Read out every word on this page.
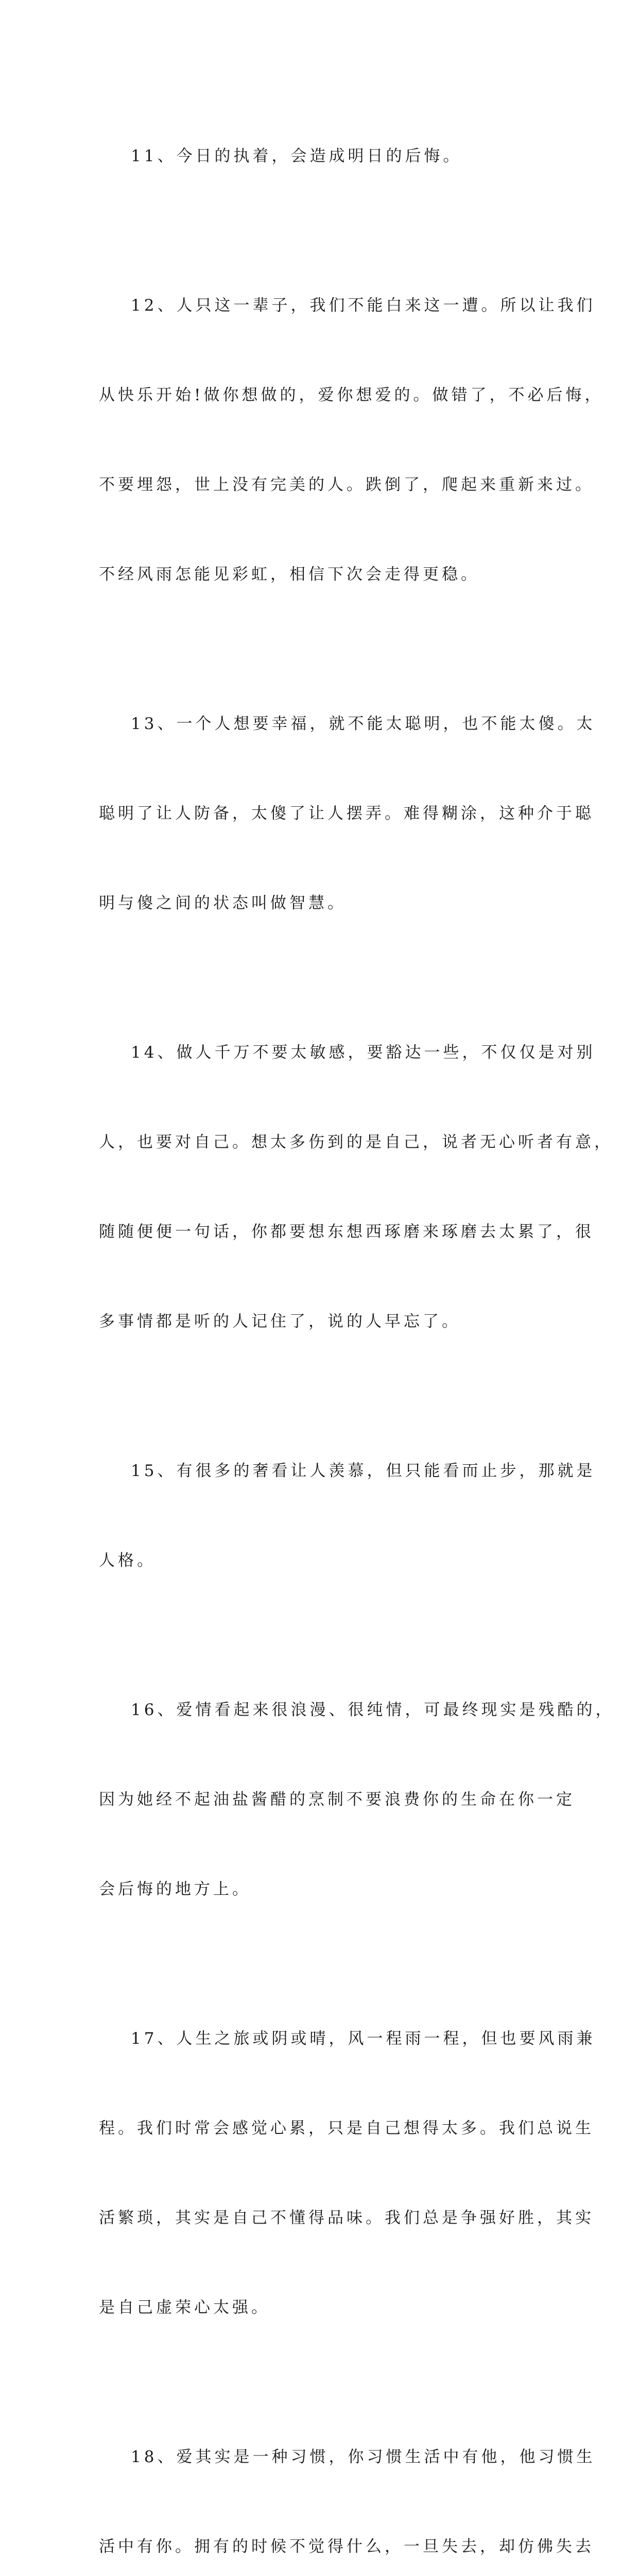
11、今日的执着，会造成明日的后悔。

12、人只这一辈子，我们不能白来这一遭。所以让我们

从快乐开始!做你想做的，爱你想爱的。做错了，不必后悔，

不要埋怨，世上没有完美的人。跌倒了，爬起来重新来过。

不经风雨怎能见彩虹，相信下次会走得更稳。

13、一个人想要幸福，就不能太聪明，也不能太傻。太

聪明了让人防备，太傻了让人摆弄。难得糊涂，这种介于聪

明与傻之间的状态叫做智慧。

14、做人千万不要太敏感，要豁达一些，不仅仅是对别

人，也要对自己。想太多伤到的是自己，说者无心听者有意，

随随便便一句话，你都要想东想西琢磨来琢磨去太累了，很

多事情都是听的人记住了，说的人早忘了。

15、有很多的奢看让人羡慕，但只能看而止步，那就是

人格。

16、爱情看起来很浪漫、很纯情，可最终现实是残酷的，

因为她经不起油盐酱醋的烹制不要浪费你的生命在你一定

会后悔的地方上。

17、人生之旅或阴或晴，风一程雨一程，但也要风雨兼

程。我们时常会感觉心累，只是自己想得太多。我们总说生

活繁琐，其实是自己不懂得品味。我们总是争强好胜，其实

是自己虚荣心太强。

18、爱其实是一种习惯，你习惯生活中有他，他习惯生

活中有你。拥有的时候不觉得什么，一旦失去，却仿佛失去
